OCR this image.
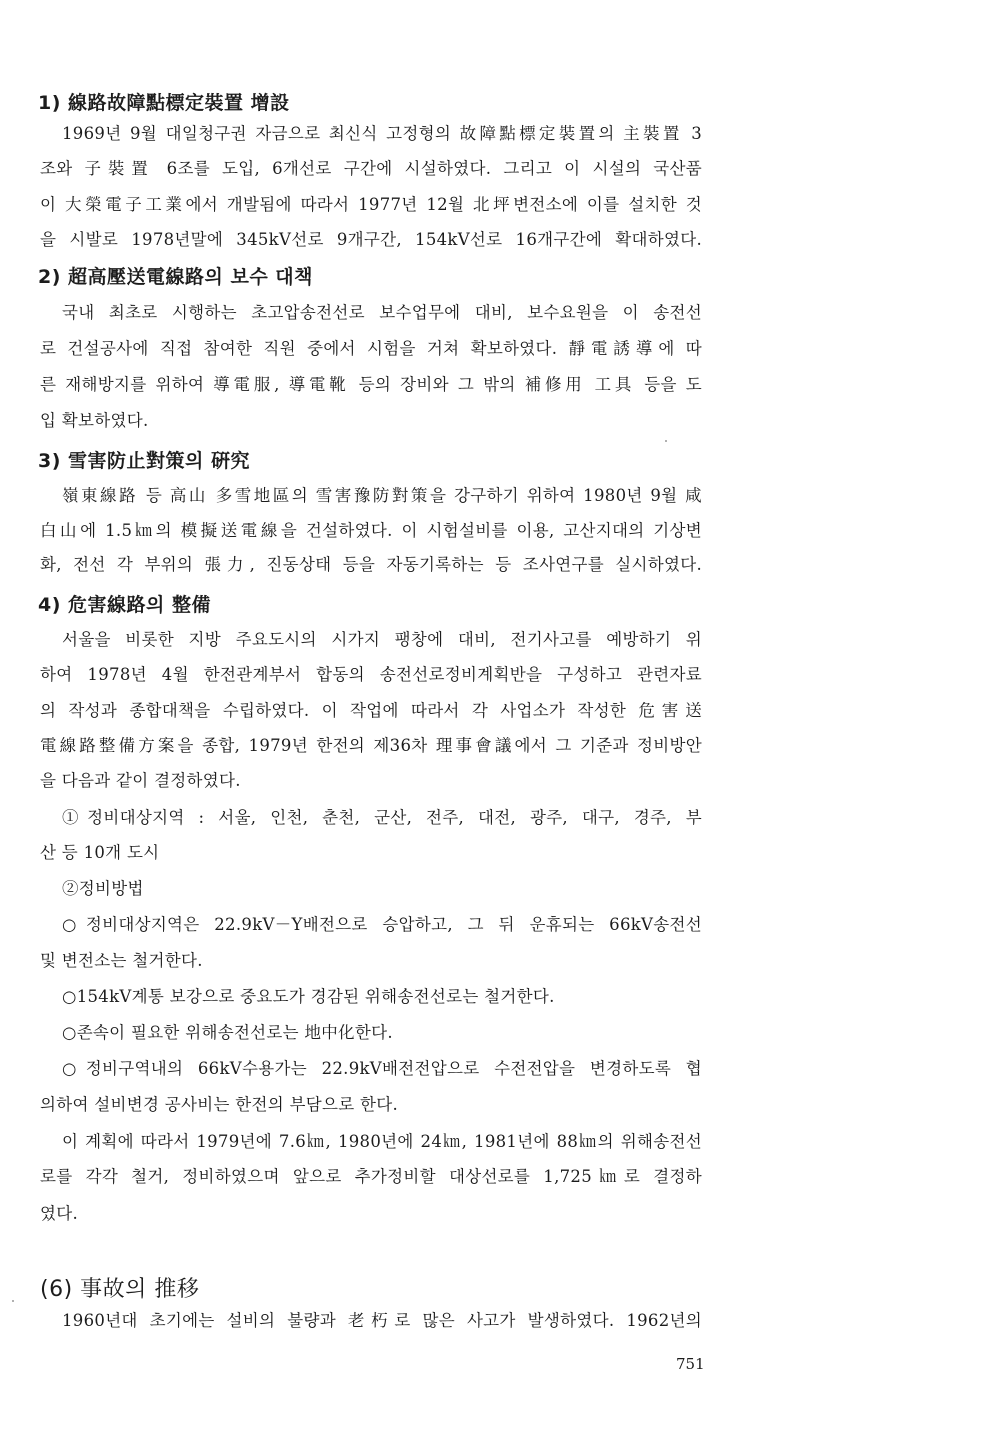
1) 線路故障點標定裝置 增設
1969년 9월 대일청구권 자금으로 최신식 고정형의 故障點標定裝置의 主裝置 3
조와 子裝置 6조를 도입, 6개선로 구간에 시설하였다. 그리고 이 시설의 국산품
이 大榮電子工業에서 개발됨에 따라서 1977년 12월 北坪변전소에 이를 설치한 것
을 시발로 1978년말에 345kV선로 9개구간, 154kV선로 16개구간에 확대하였다.
2) 超高壓送電線路의 보수 대책
국내 최초로 시행하는 초고압송전선로 보수업무에 대비, 보수요원을 이 송전선
로 건설공사에 직접 참여한 직원 중에서 시험을 거쳐 확보하였다. 靜電誘導에 따
른 재해방지를 위하여 導電服, 導電靴 등의 장비와 그 밖의 補修用 工具 등을 도
입 확보하였다.
3) 雪害防止對策의 硏究
嶺東線路 등 高山 多雪地區의 雪害豫防對策을 강구하기 위하여 1980년 9월 咸
白山에 1.5㎞의 模擬送電線을 건설하였다. 이 시험설비를 이용, 고산지대의 기상변
화, 전선 각 부위의 張力, 진동상태 등을 자동기록하는 등 조사연구를 실시하였다.
4) 危害線路의 整備
서울을 비롯한 지방 주요도시의 시가지 팽창에 대비, 전기사고를 예방하기 위
하여 1978년 4월 한전관계부서 합동의 송전선로정비계획반을 구성하고 관련자료
의 작성과 종합대책을 수립하였다. 이 작업에 따라서 각 사업소가 작성한 危害送
電線路整備方案을 종합, 1979년 한전의 제36차 理事會議에서 그 기준과 정비방안
을 다음과 같이 결정하였다.
①정비대상지역 : 서울, 인천, 춘천, 군산, 전주, 대전, 광주, 대구, 경주, 부
산 등 10개 도시
②정비방법
○정비대상지역은 22.9kV－Y배전으로 승압하고, 그 뒤 운휴되는 66kV송전선
및 변전소는 철거한다.
○154kV계통 보강으로 중요도가 경감된 위해송전선로는 철거한다.
○존속이 필요한 위해송전선로는 地中化한다.
○정비구역내의 66kV수용가는 22.9kV배전전압으로 수전전압을 변경하도록 협
의하여 설비변경 공사비는 한전의 부담으로 한다.
이 계획에 따라서 1979년에 7.6㎞, 1980년에 24㎞, 1981년에 88㎞의 위해송전선
로를 각각 철거, 정비하였으며 앞으로 추가정비할 대상선로를 1,725㎞로 결정하
였다.
(6) 事故의 推移
1960년대 초기에는 설비의 불량과 老朽로 많은 사고가 발생하였다. 1962년의
751
